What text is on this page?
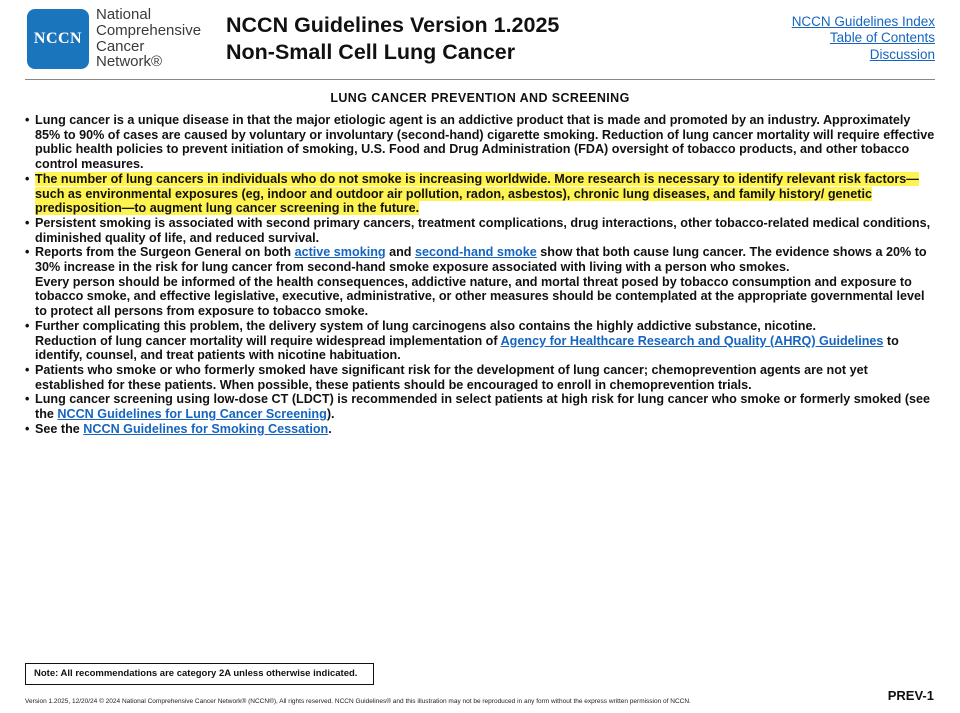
NCCN
National
Comprehensive
Cancer
Network®
NCCN Guidelines Version 1.2025
Non-Small Cell Lung Cancer
NCCN Guidelines Index
Table of Contents
Discussion
LUNG CANCER PREVENTION AND SCREENING
• Lung cancer is a unique disease in that the major etiologic agent is an addictive product that is made and promoted by an industry. Approximately 85% to 90% of cases are caused by voluntary or involuntary (second-hand) cigarette smoking. Reduction of lung cancer mortality will require effective public health policies to prevent initiation of smoking, U.S. Food and Drug Administration (FDA) oversight of tobacco products, and other tobacco control measures.
• The number of lung cancers in individuals who do not smoke is increasing worldwide. More research is necessary to identify relevant risk factors—such as environmental exposures (eg, indoor and outdoor air pollution, radon, asbestos), chronic lung diseases, and family history/ genetic predisposition—to augment lung cancer screening in the future.
• Persistent smoking is associated with second primary cancers, treatment complications, drug interactions, other tobacco-related medical conditions, diminished quality of life, and reduced survival.
• Reports from the Surgeon General on both active smoking and second-hand smoke show that both cause lung cancer. The evidence shows a 20% to 30% increase in the risk for lung cancer from second-hand smoke exposure associated with living with a person who smokes.
Every person should be informed of the health consequences, addictive nature, and mortal threat posed by tobacco consumption and exposure to tobacco smoke, and effective legislative, executive, administrative, or other measures should be contemplated at the appropriate governmental level to protect all persons from exposure to tobacco smoke.
• Further complicating this problem, the delivery system of lung carcinogens also contains the highly addictive substance, nicotine.
Reduction of lung cancer mortality will require widespread implementation of Agency for Healthcare Research and Quality (AHRQ) Guidelines to identify, counsel, and treat patients with nicotine habituation.
• Patients who smoke or who formerly smoked have significant risk for the development of lung cancer; chemoprevention agents are not yet established for these patients. When possible, these patients should be encouraged to enroll in chemoprevention trials.
• Lung cancer screening using low-dose CT (LDCT) is recommended in select patients at high risk for lung cancer who smoke or formerly smoked (see the NCCN Guidelines for Lung Cancer Screening).
• See the NCCN Guidelines for Smoking Cessation.
Note: All recommendations are category 2A unless otherwise indicated.
Version 1.2025, 12/20/24 © 2024 National Comprehensive Cancer Network® (NCCN®), All rights reserved. NCCN Guidelines® and this illustration may not be reproduced in any form without the express written permission of NCCN.	PREV-1
